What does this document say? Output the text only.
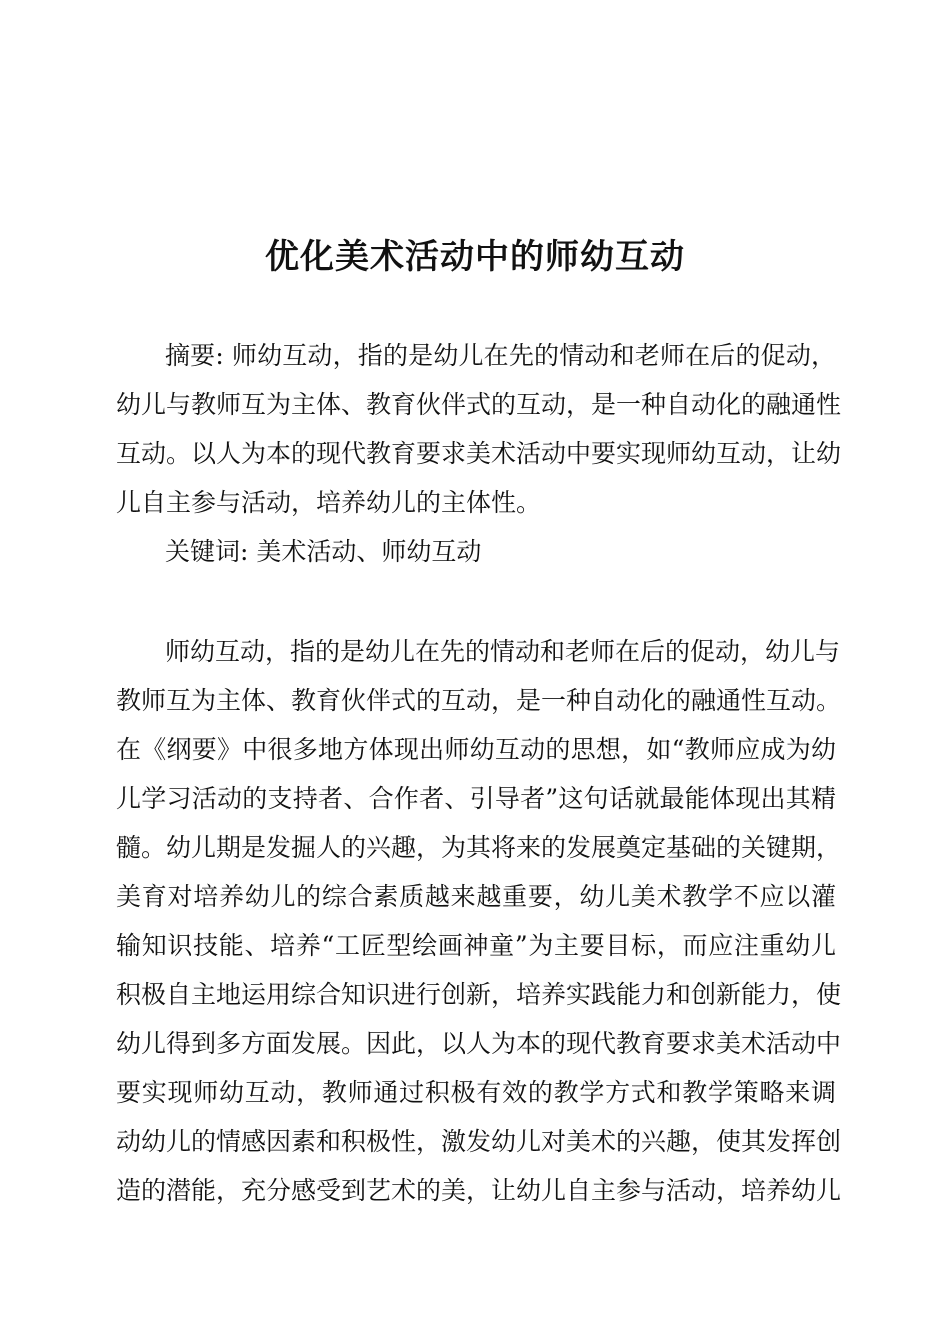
优化美术活动中的师幼互动
摘要: 师幼互动，指的是幼儿在先的情动和老师在后的促动，
幼儿与教师互为主体、教育伙伴式的互动，是一种自动化的融通性
互动。以人为本的现代教育要求美术活动中要实现师幼互动，让幼
儿自主参与活动，培养幼儿的主体性。
关键词: 美术活动、师幼互动
师幼互动，指的是幼儿在先的情动和老师在后的促动，幼儿与
教师互为主体、教育伙伴式的互动，是一种自动化的融通性互动。
在《纲要》中很多地方体现出师幼互动的思想，如“教师应成为幼
儿学习活动的支持者、合作者、引导者”这句话就最能体现出其精
髓。幼儿期是发掘人的兴趣，为其将来的发展奠定基础的关键期，
美育对培养幼儿的综合素质越来越重要，幼儿美术教学不应以灌
输知识技能、培养“工匠型绘画神童”为主要目标，而应注重幼儿
积极自主地运用综合知识进行创新，培养实践能力和创新能力，使
幼儿得到多方面发展。因此，以人为本的现代教育要求美术活动中
要实现师幼互动，教师通过积极有效的教学方式和教学策略来调
动幼儿的情感因素和积极性，激发幼儿对美术的兴趣，使其发挥创
造的潜能，充分感受到艺术的美，让幼儿自主参与活动，培养幼儿
